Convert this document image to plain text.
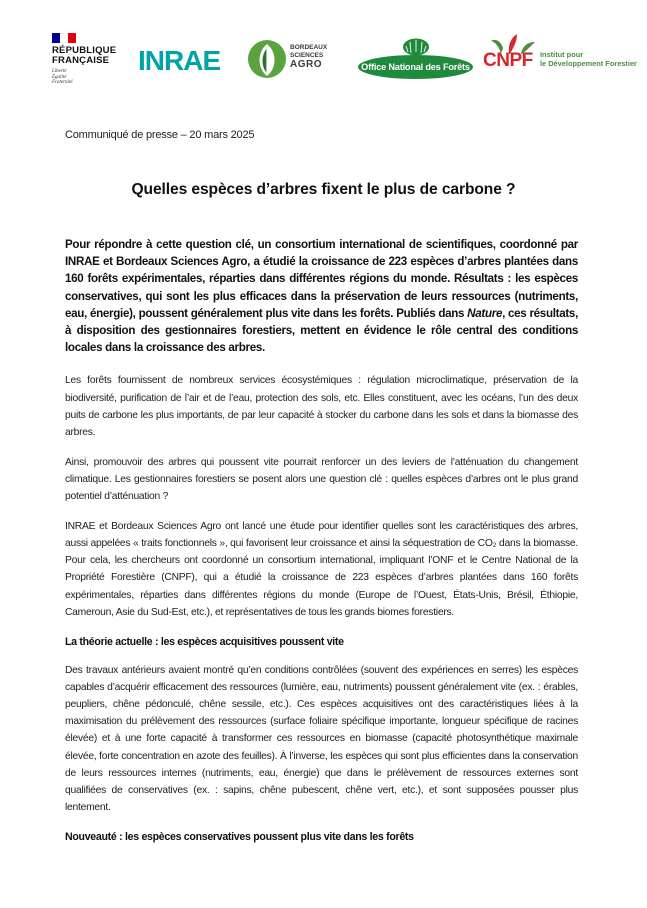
RÉPUBLIQUE
FRANÇAISE
Liberté
Égalité
Fraternité
INRAE	BORDEAUX
SCIENCES
AGRO	Office National des Forêts CNPF Institut pour
le Développement Forestier
Communiqué de presse – 20 mars 2025
Quelles espèces d’arbres fixent le plus de carbone ?

Pour répondre à cette question clé, un consortium international de scientifiques, coordonné par INRAE et Bordeaux Sciences Agro, a étudié la croissance de 223 espèces d’arbres plantées dans 160 forêts expérimentales, réparties dans différentes régions du monde. Résultats : les espèces conservatives, qui sont les plus efficaces dans la préservation de leurs ressources (nutriments, eau, énergie), poussent généralement plus vite dans les forêts. Publiés dans Nature, ces résultats, à disposition des gestionnaires forestiers, mettent en évidence le rôle central des conditions locales dans la croissance des arbres.

Les forêts fournissent de nombreux services écosystémiques : régulation microclimatique, préservation de la biodiversité, purification de l’air et de l’eau, protection des sols, etc. Elles constituent, avec les océans, l’un des deux puits de carbone les plus importants, de par leur capacité à stocker du carbone dans les sols et dans la biomasse des arbres.

Ainsi, promouvoir des arbres qui poussent vite pourrait renforcer un des leviers de l’atténuation du changement climatique. Les gestionnaires forestiers se posent alors une question clé : quelles espèces d’arbres ont le plus grand potentiel d’atténuation ?

INRAE et Bordeaux Sciences Agro ont lancé une étude pour identifier quelles sont les caractéristiques des arbres, aussi appelées « traits fonctionnels », qui favorisent leur croissance et ainsi la séquestration de CO₂ dans la biomasse. Pour cela, les chercheurs ont coordonné un consortium international, impliquant l’ONF et le Centre National de la Propriété Forestière (CNPF), qui a étudié la croissance de 223 espèces d’arbres plantées dans 160 forêts expérimentales, réparties dans différentes régions du monde (Europe de l’Ouest, États-Unis, Brésil, Éthiopie, Cameroun, Asie du Sud-Est, etc.), et représentatives de tous les grands biomes forestiers.

La théorie actuelle : les espèces acquisitives poussent vite

Des travaux antérieurs avaient montré qu’en conditions contrôlées (souvent des expériences en serres) les espèces capables d’acquérir efficacement des ressources (lumière, eau, nutriments) poussent généralement vite (ex. : érables, peupliers, chêne pédonculé, chêne sessile, etc.). Ces espèces acquisitives ont des caractéristiques liées à la maximisation du prélèvement des ressources (surface foliaire spécifique importante, longueur spécifique de racines élevée) et à une forte capacité à transformer ces ressources en biomasse (capacité photosynthétique maximale élevée, forte concentration en azote des feuilles). À l’inverse, les espèces qui sont plus efficientes dans la conservation de leurs ressources internes (nutriments, eau, énergie) que dans le prélèvement de ressources externes sont qualifiées de conservatives (ex. : sapins, chêne pubescent, chêne vert, etc.), et sont supposées pousser plus lentement.

Nouveauté : les espèces conservatives poussent plus vite dans les forêts
